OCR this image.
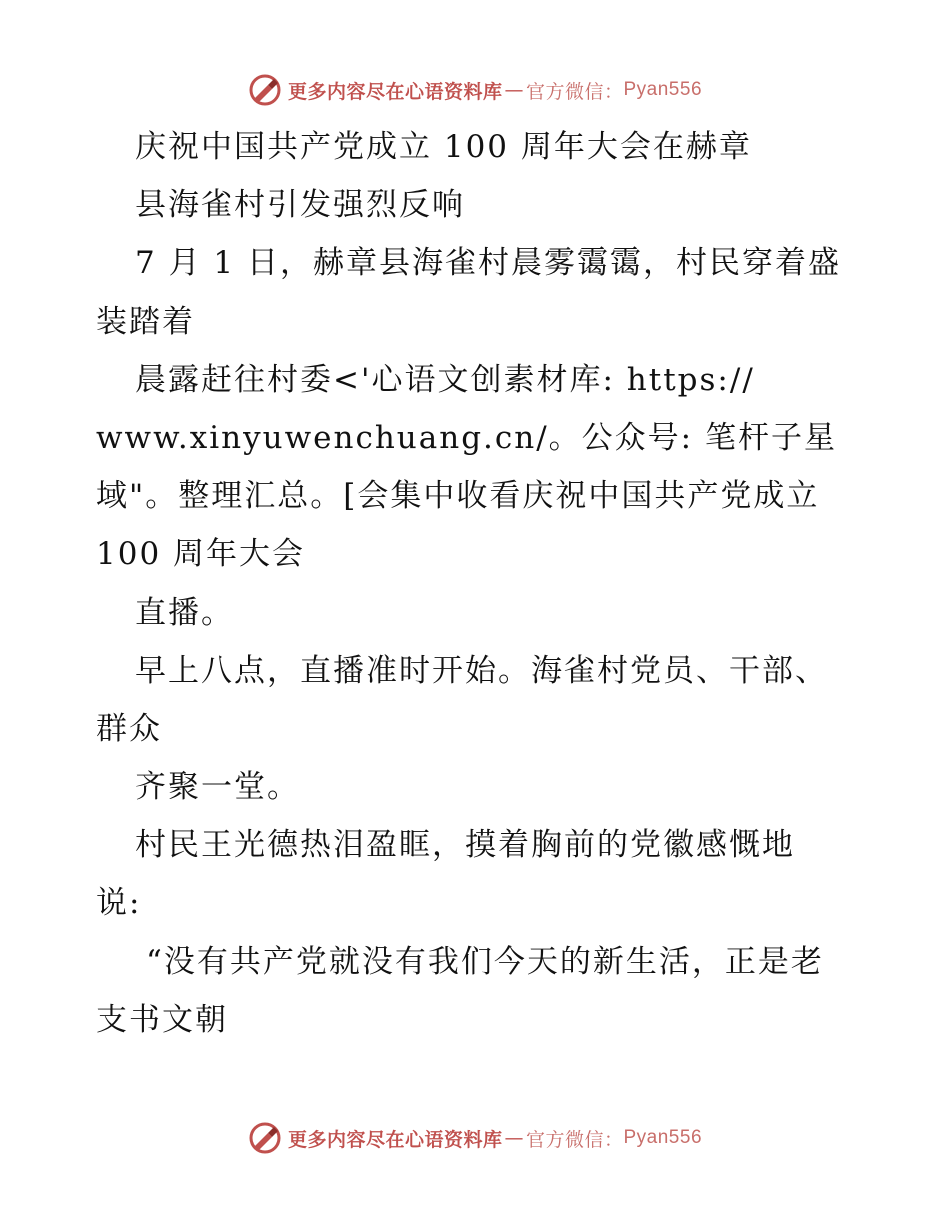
更多内容尽在心语资料库 — 官方微信： Pyan556
庆祝中国共产党成立 100 周年大会在赫章
县海雀村引发强烈反响
7 月 1 日，赫章县海雀村晨雾霭霭，村民穿着盛
装踏着
晨露赶往村委<'心语文创素材库: https://
www.xinyuwenchuang.cn/。公众号: 笔杆子星
域"。整理汇总。[会集中收看庆祝中国共产党成立
100 周年大会
直播。
早上八点，直播准时开始。海雀村党员、干部、
群众
齐聚一堂。
村民王光德热泪盈眶，摸着胸前的党徽感慨地
说:
“没有共产党就没有我们今天的新生活，正是老
支书文朝
更多内容尽在心语资料库 — 官方微信： Pyan556
